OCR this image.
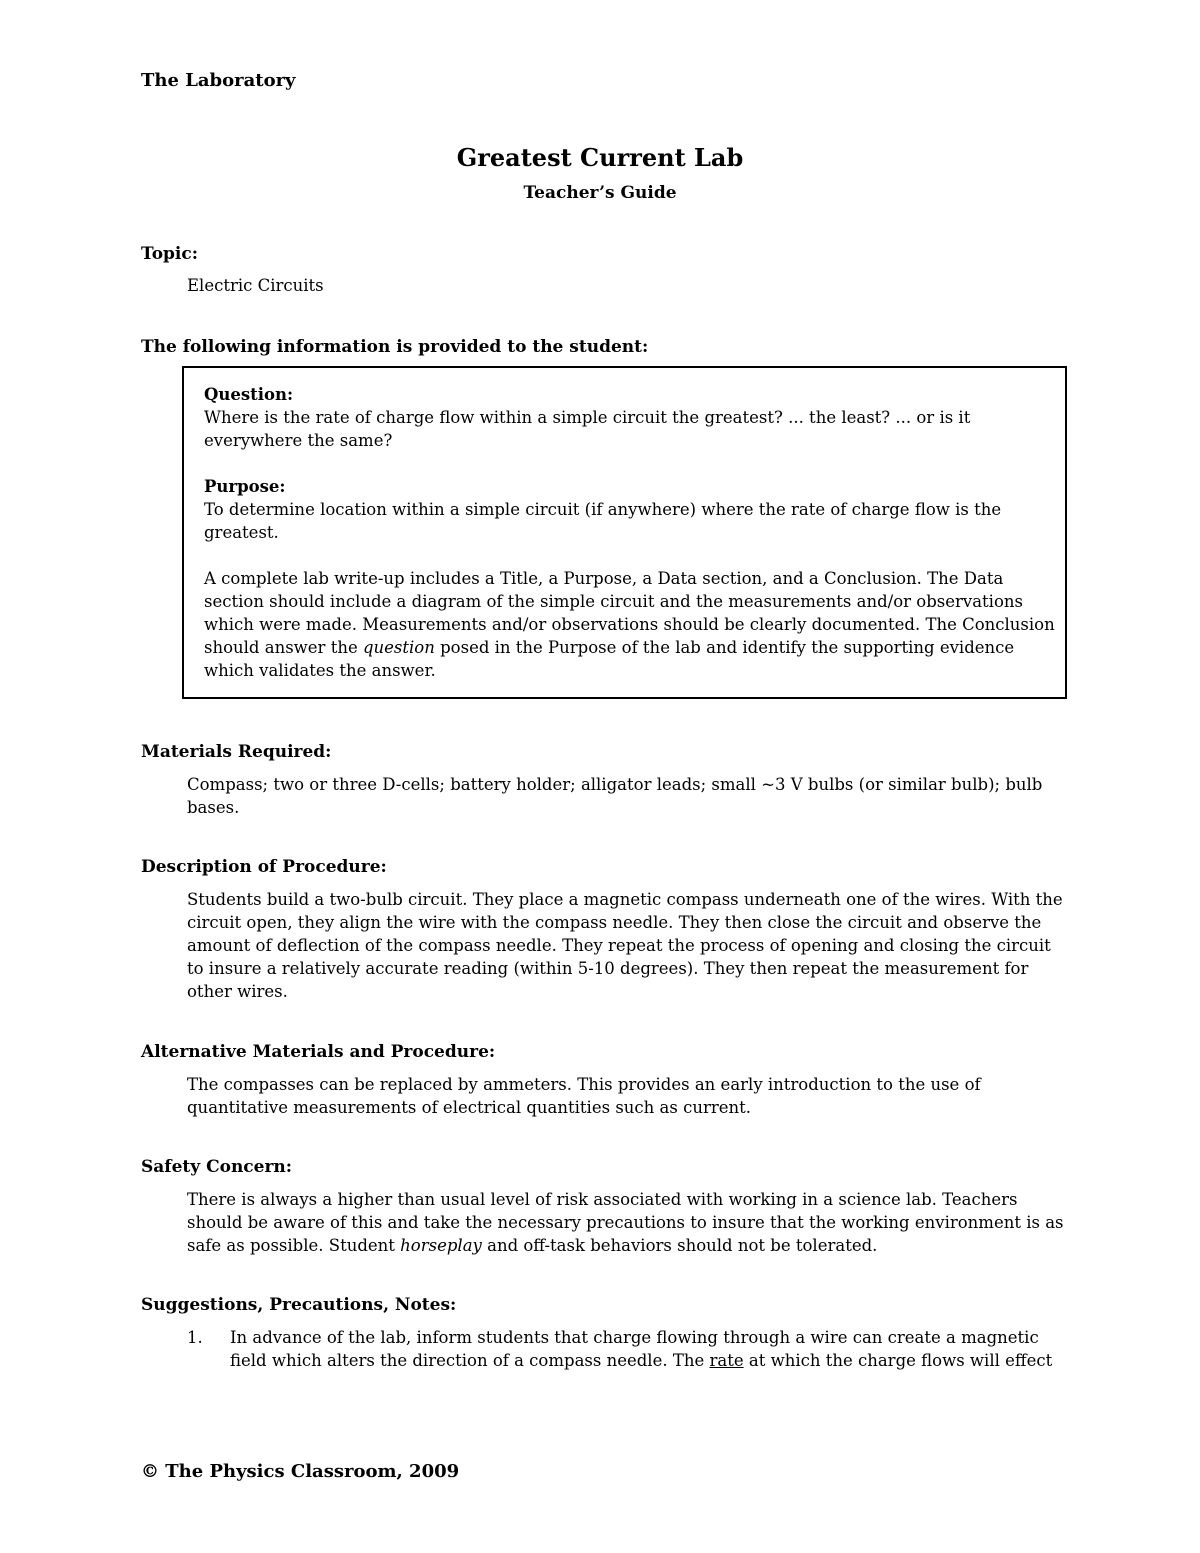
The Laboratory
Greatest Current Lab
Teacher’s Guide
Topic:
Electric Circuits
The following information is provided to the student:
Question:
Where is the rate of charge flow within a simple circuit the greatest? ... the least? ... or is it everywhere the same?
Purpose:
To determine location within a simple circuit (if anywhere) where the rate of charge flow is the greatest.
A complete lab write-up includes a Title, a Purpose, a Data section, and a Conclusion. The Data section should include a diagram of the simple circuit and the measurements and/or observations which were made. Measurements and/or observations should be clearly documented. The Conclusion should answer the question posed in the Purpose of the lab and identify the supporting evidence which validates the answer.
Materials Required:
Compass; two or three D-cells; battery holder; alligator leads; small ~3 V bulbs (or similar bulb); bulb bases.
Description of Procedure:
Students build a two-bulb circuit. They place a magnetic compass underneath one of the wires. With the circuit open, they align the wire with the compass needle. They then close the circuit and observe the amount of deflection of the compass needle. They repeat the process of opening and closing the circuit to insure a relatively accurate reading (within 5-10 degrees). They then repeat the measurement for other wires.
Alternative Materials and Procedure:
The compasses can be replaced by ammeters. This provides an early introduction to the use of quantitative measurements of electrical quantities such as current.
Safety Concern:
There is always a higher than usual level of risk associated with working in a science lab. Teachers should be aware of this and take the necessary precautions to insure that the working environment is as safe as possible. Student horseplay and off-task behaviors should not be tolerated.
Suggestions, Precautions, Notes:
1. In advance of the lab, inform students that charge flowing through a wire can create a magnetic field which alters the direction of a compass needle. The rate at which the charge flows will effect
© The Physics Classroom, 2009
